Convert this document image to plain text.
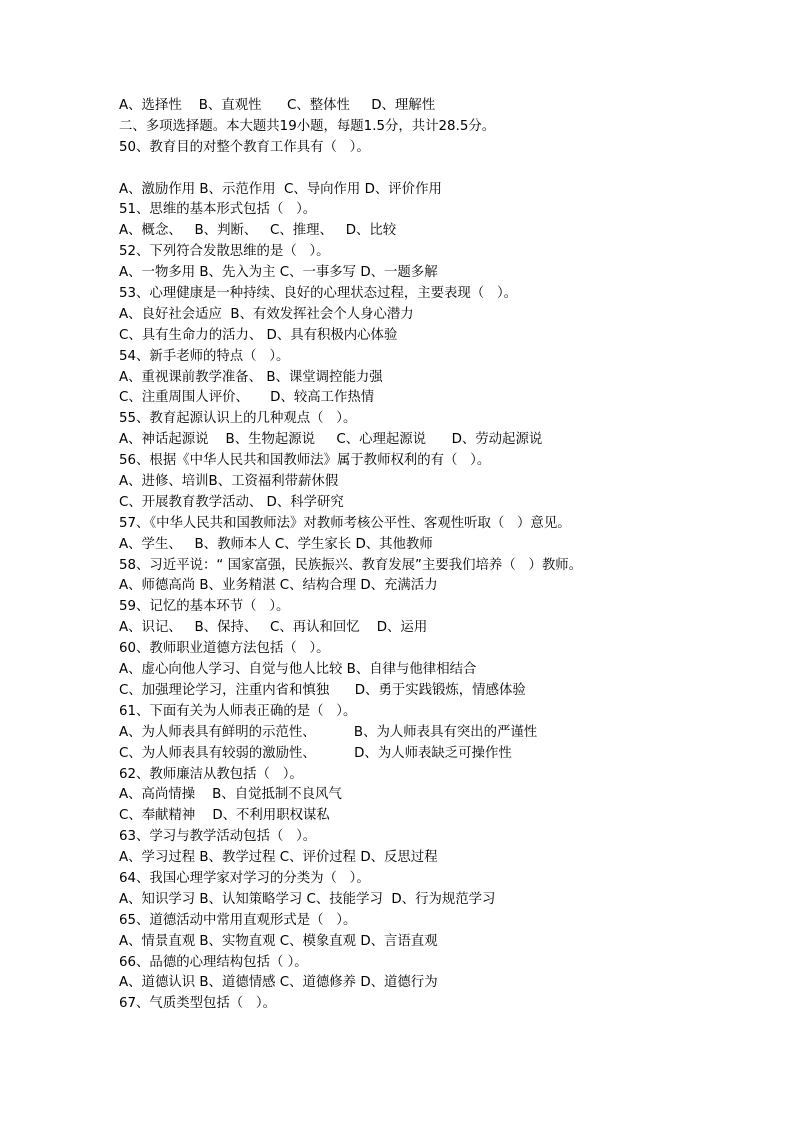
A、选择性    B、直观性      C、整体性     D、理解性
二、多项选择题。本大题共19小题，每题1.5分，共计28.5分。
50、教育目的对整个教育工作具有（   ）。
A、激励作用 B、示范作用  C、导向作用 D、评价作用
51、思维的基本形式包括（   ）。
A、概念、   B、判断、   C、推理、   D、比较
52、下列符合发散思维的是（   ）。
A、一物多用 B、先入为主 C、一事多写 D、一题多解
53、心理健康是一种持续、良好的心理状态过程，主要表现（   ）。
A、良好社会适应  B、有效发挥社会个人身心潜力
C、具有生命力的活力、 D、具有积极内心体验
54、新手老师的特点（   ）。
A、重视课前教学准备、 B、课堂调控能力强
C、注重周围人评价、     D、较高工作热情
55、教育起源认识上的几种观点（   ）。
A、神话起源说    B、生物起源说     C、心理起源说      D、劳动起源说
56、根据《中华人民共和国教师法》属于教师权利的有（   ）。
A、进修、培训B、工资福利带薪休假
C、开展教育教学活动、 D、科学研究
57、《中华人民共和国教师法》对教师考核公平性、客观性听取（   ）意见。
A、学生、   B、教师本人 C、学生家长 D、其他教师
58、习近平说：“ 国家富强，民族振兴、教育发展”主要我们培养（   ）教师。
A、师德高尚 B、业务精湛 C、结构合理 D、充满活力
59、记忆的基本环节（   ）。
A、识记、   B、保持、   C、再认和回忆    D、运用
60、教师职业道德方法包括（   ）。
A、虚心向他人学习、自觉与他人比较 B、自律与他律相结合
C、加强理论学习，注重内省和慎独      D、勇于实践锻炼，情感体验
61、下面有关为人师表正确的是（   ）。
A、为人师表具有鲜明的示范性、         B、为人师表具有突出的严谨性
C、为人师表具有较弱的激励性、         D、为人师表缺乏可操作性
62、教师廉洁从教包括（   ）。
A、高尚情操    B、自觉抵制不良风气
C、奉献精神    D、不利用职权谋私
63、学习与教学活动包括（   ）。
A、学习过程 B、教学过程 C、评价过程 D、反思过程
64、我国心理学家对学习的分类为（   ）。
A、知识学习 B、认知策略学习 C、技能学习  D、行为规范学习
65、道德活动中常用直观形式是（   ）。
A、情景直观 B、实物直观 C、模象直观 D、言语直观
66、品德的心理结构包括（ ）。
A、道德认识 B、道德情感 C、道德修养 D、道德行为
67、气质类型包括（   ）。
